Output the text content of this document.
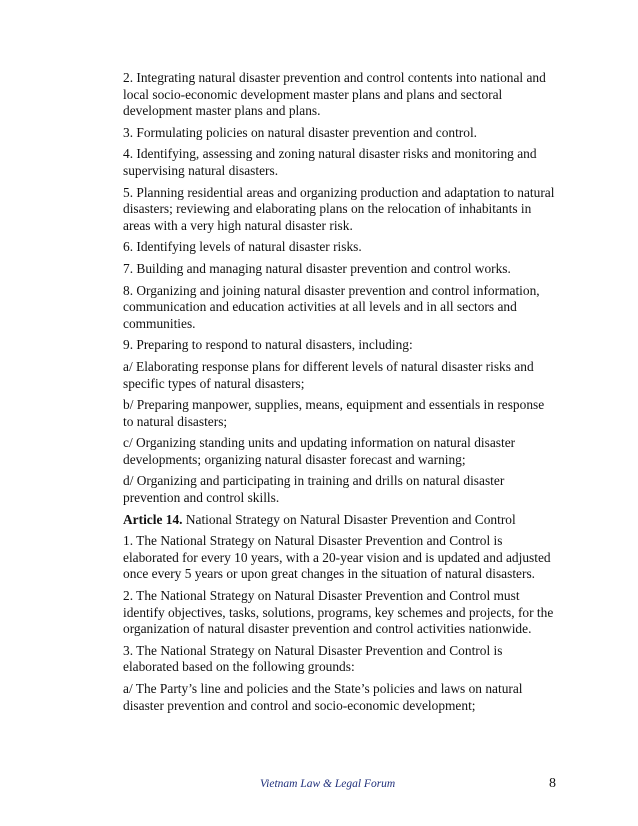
2. Integrating natural disaster prevention and control contents into national and local socio-economic development master plans and plans and sectoral development master plans and plans.

3. Formulating policies on natural disaster prevention and control.

4. Identifying, assessing and zoning natural disaster risks and monitoring and supervising natural disasters.

5. Planning residential areas and organizing production and adaptation to natural disasters; reviewing and elaborating plans on the relocation of inhabitants in areas with a very high natural disaster risk.

6. Identifying levels of natural disaster risks.

7. Building and managing natural disaster prevention and control works.

8. Organizing and joining natural disaster prevention and control information, communication and education activities at all levels and in all sectors and communities.

9. Preparing to respond to natural disasters, including:

a/ Elaborating response plans for different levels of natural disaster risks and specific types of natural disasters;

b/ Preparing manpower, supplies, means, equipment and essentials in response to natural disasters;

c/ Organizing standing units and updating information on natural disaster developments; organizing natural disaster forecast and warning;

d/ Organizing and participating in training and drills on natural disaster prevention and control skills.

Article 14. National Strategy on Natural Disaster Prevention and Control

1. The National Strategy on Natural Disaster Prevention and Control is elaborated for every 10 years, with a 20-year vision and is updated and adjusted once every 5 years or upon great changes in the situation of natural disasters.

2. The National Strategy on Natural Disaster Prevention and Control must identify objectives, tasks, solutions, programs, key schemes and projects, for the organization of natural disaster prevention and control activities nationwide.

3. The National Strategy on Natural Disaster Prevention and Control is elaborated based on the following grounds:

a/ The Party’s line and policies and the State’s policies and laws on natural disaster prevention and control and socio-economic development;

Vietnam Law & Legal Forum	8
